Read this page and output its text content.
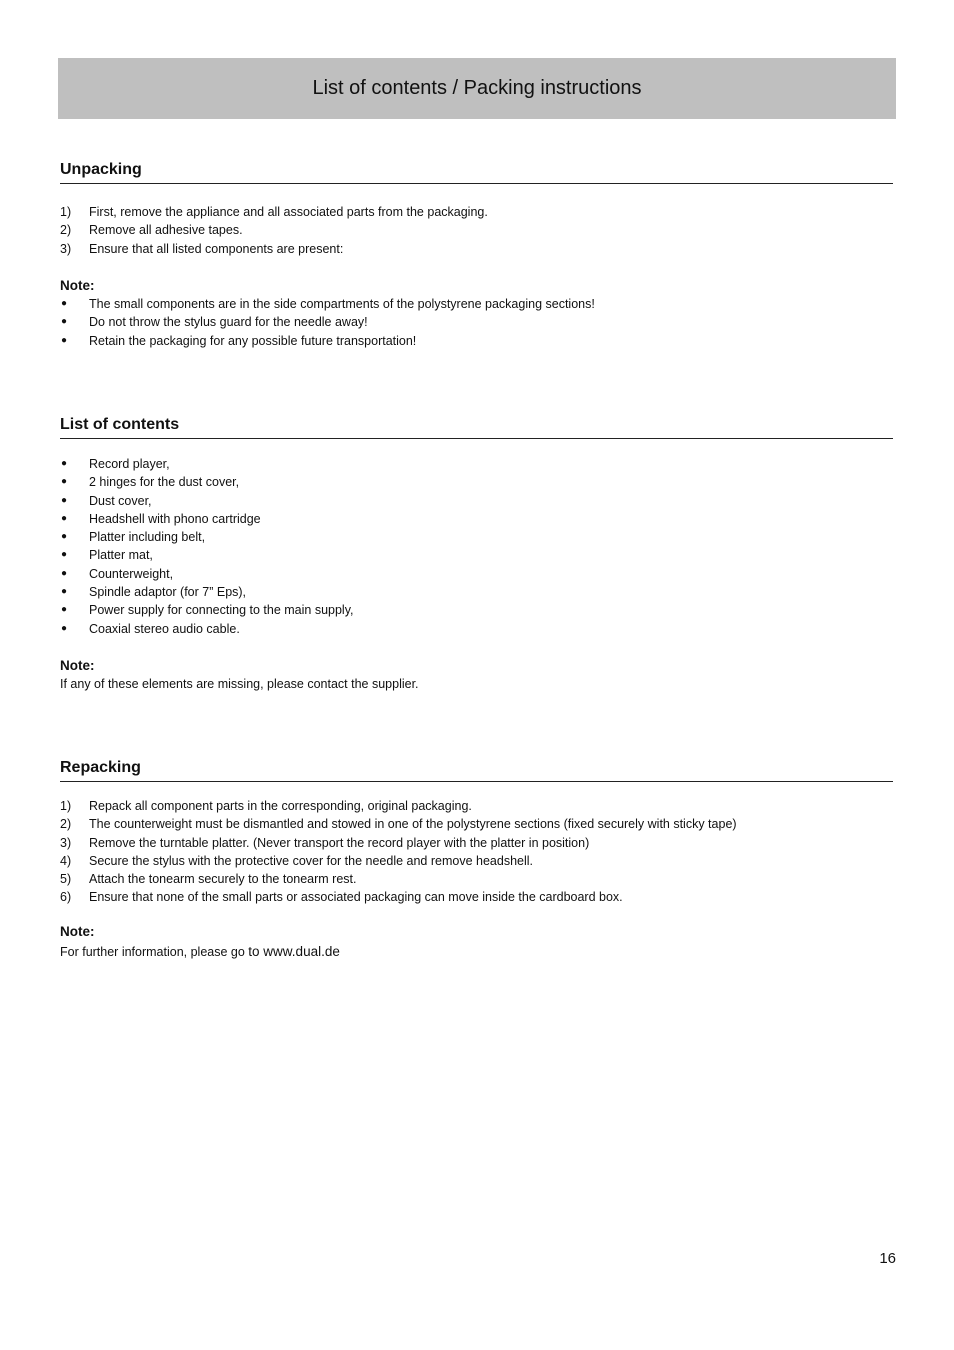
List of contents / Packing instructions
Unpacking
1) First, remove the appliance and all associated parts from the packaging.
2) Remove all adhesive tapes.
3) Ensure that all listed components are present:
Note:
● The small components are in the side compartments of the polystyrene packaging sections!
● Do not throw the stylus guard for the needle away!
● Retain the packaging for any possible future transportation!
List of contents
● Record player,
● 2 hinges for the dust cover,
● Dust cover,
● Headshell with phono cartridge
● Platter including belt,
● Platter mat,
● Counterweight,
● Spindle adaptor (for 7” Eps),
● Power supply for connecting to the main supply,
● Coaxial stereo audio cable.
Note:
If any of these elements are missing, please contact the supplier.
Repacking
1) Repack all component parts in the corresponding, original packaging.
2) The counterweight must be dismantled and stowed in one of the polystyrene sections (fixed securely with sticky tape)
3) Remove the turntable platter. (Never transport the record player with the platter in position)
4) Secure the stylus with the protective cover for the needle and remove headshell.
5) Attach the tonearm securely to the tonearm rest.
6) Ensure that none of the small parts or associated packaging can move inside the cardboard box.
Note:
For further information, please go to www.dual.de
16
